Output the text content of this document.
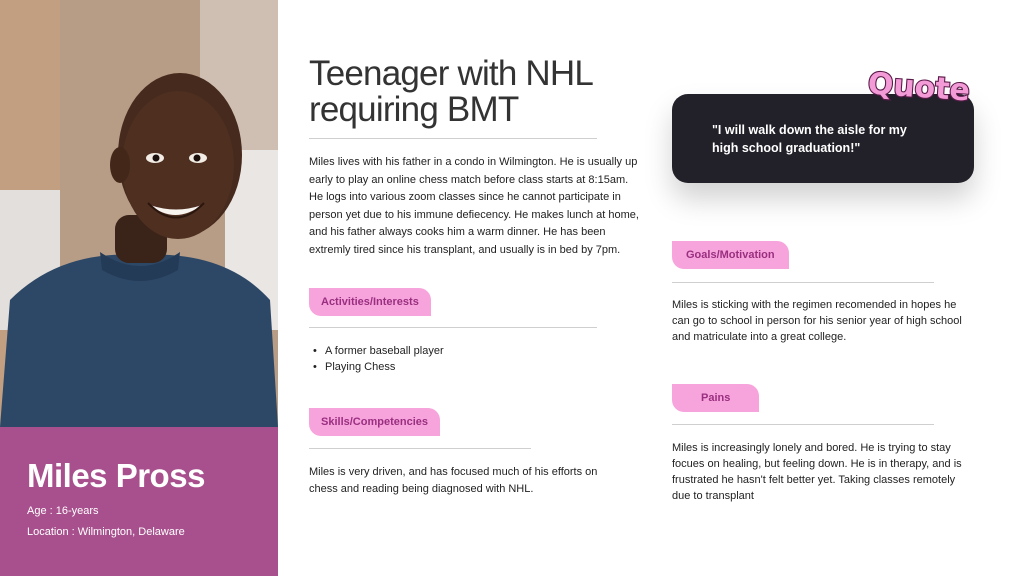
Miles Pross
Age : 16-years
Location : Wilmington, Delaware
Teenager with NHL requiring BMT
Miles lives with his father in a condo in Wilmington. He is usually up early to play an online chess match before class starts at 8:15am. He logs into various zoom classes since he cannot participate in person yet due to his immune defiecency. He makes lunch at home, and his father always cooks him a warm dinner. He has been extremly tired since his transplant, and usually is in bed by 7pm.
Activities/Interests
• A former baseball player
• Playing Chess
Skills/Competencies
Miles is very driven, and has focused much of his efforts on chess and reading being diagnosed with NHL.
"I will walk down the aisle for my high school graduation!"
Quote
Goals/Motivation
Miles is sticking with the regimen recomended in hopes he can go to school in person for his senior year of high school and matriculate into a great college.
Pains
Miles is increasingly lonely and bored. He is trying to stay focues on healing, but feeling down. He is in therapy, and is frustrated he hasn't felt better yet. Taking classes remotely due to transplant
